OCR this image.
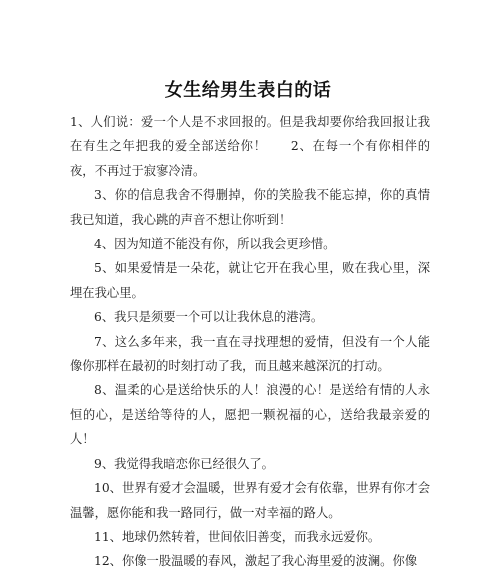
女生给男生表白的话

1、人们说：爱一个人是不求回报的。但是我却要你给我回报让我在有生之年把我的爱全部送给你！ 2、在每一个有你相伴的夜，不再过于寂寥冷清。

3、你的信息我舍不得删掉，你的笑脸我不能忘掉，你的真情我已知道，我心跳的声音不想让你听到！

4、因为知道不能没有你，所以我会更珍惜。

5、如果爱情是一朵花，就让它开在我心里，败在我心里，深埋在我心里。

6、我只是须要一个可以让我休息的港湾。

7、这么多年来，我一直在寻找理想的爱情，但没有一个人能像你那样在最初的时刻打动了我，而且越来越深沉的打动。

8、温柔的心是送给快乐的人！浪漫的心！是送给有情的人永恒的心，是送给等待的人，愿把一颗祝福的心，送给我最亲爱的人！

9、我觉得我暗恋你已经很久了。

10、世界有爱才会温暖，世界有爱才会有依靠，世界有你才会温馨，愿你能和我一路同行，做一对幸福的路人。

11、地球仍然转着，世间依旧善变，而我永远爱你。

12、你像一股温暖的春风，激起了我心海里爱的波澜。你像
